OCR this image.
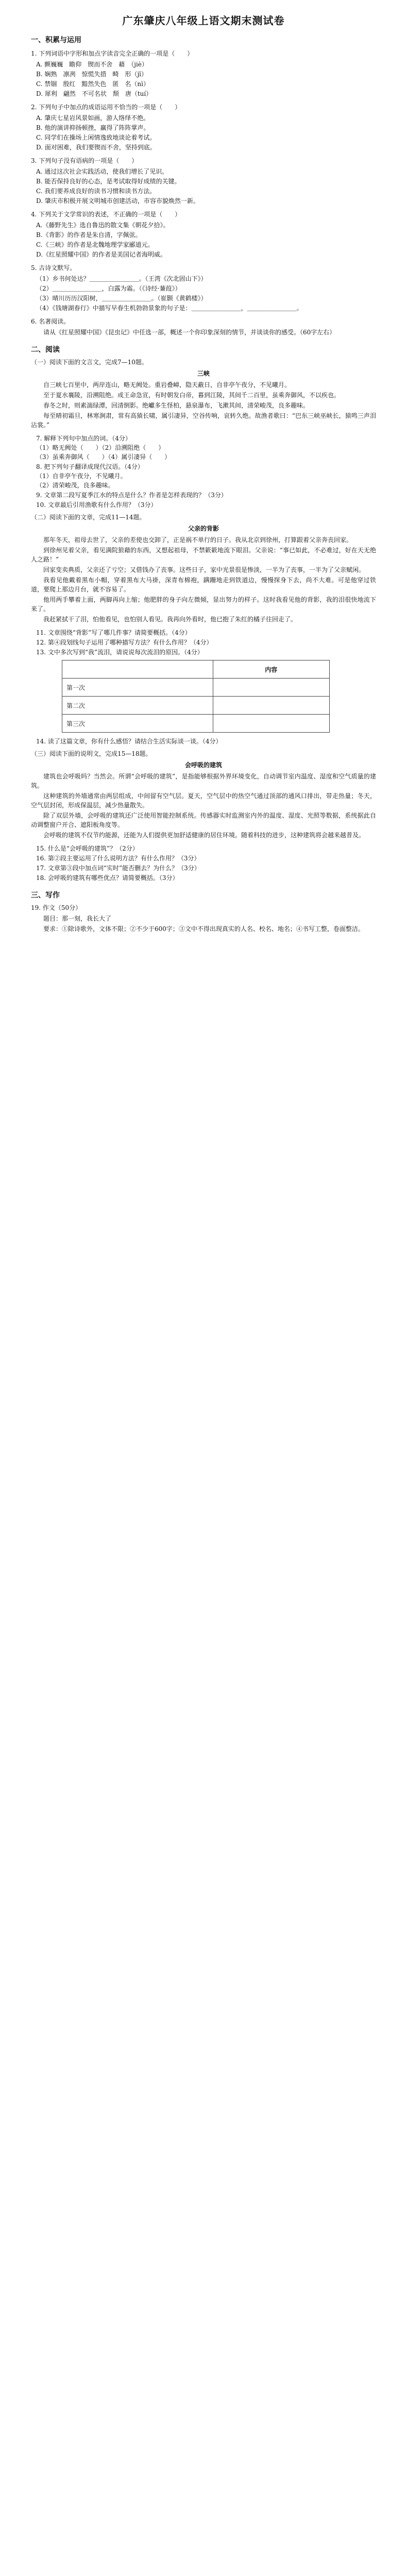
广东肇庆八年级上语文期末测试卷
一、积累与运用
1. 下列词语中字形和加点字读音完全正确的一项是（　　）
A. 颤巍巍　瞻仰　锲而不舍　藉　（jiè）
B. 娴熟　凛冽　惊慌失措　畸　形（jī）
C. 禁锢　殷红　黯然失色　匿　名（nì）
D. 犀利　翩然　不可名状　颓　唐（tuí）
2. 下列句子中加点的成语运用不恰当的一项是（　　）
A. 肇庆七星岩风景如画，游人络绎不绝。
B. 他的演讲抑扬顿挫，赢得了阵阵掌声。
C. 同学们在操场上闲情逸致地谈论着考试。
D. 面对困难，我们要锲而不舍，坚持到底。
3. 下列句子没有语病的一项是（　　）
A. 通过这次社会实践活动，使我们增长了见识。
B. 能否保持良好的心态，是考试取得好成绩的关键。
C. 我们要养成良好的读书习惯和读书方法。
D. 肇庆市积极开展文明城市创建活动，市容市貌焕然一新。
4. 下列关于文学常识的表述，不正确的一项是（　　）
A.《藤野先生》选自鲁迅的散文集《朝花夕拾》。
B.《背影》的作者是朱自清，字佩弦。
C.《三峡》的作者是北魏地理学家郦道元。
D.《红星照耀中国》的作者是美国记者海明威。
5. 古诗文默写。
（1）乡书何处达？＿＿＿＿＿＿＿＿。（王湾《次北固山下》）
（2）＿＿＿＿＿＿＿＿，白露为霜。（《诗经·蒹葭》）
（3）晴川历历汉阳树，＿＿＿＿＿＿＿＿。（崔颢《黄鹤楼》）
（4）《钱塘湖春行》中描写早春生机勃勃景象的句子是：＿＿＿＿＿＿＿＿，＿＿＿＿＿＿＿＿。
6. 名著阅读。
请从《红星照耀中国》《昆虫记》中任选一部，概述一个你印象深刻的情节，并谈谈你的感受。（60字左右）
二、阅读
（一）阅读下面的文言文，完成7—10题。
三峡
自三峡七百里中，两岸连山，略无阙处。重岩叠嶂，隐天蔽日，自非亭午夜分，不见曦月。
至于夏水襄陵，沿溯阻绝。或王命急宣，有时朝发白帝，暮到江陵，其间千二百里，虽乘奔御风，不以疾也。
春冬之时，则素湍绿潭，回清倒影。绝巘多生怪柏，悬泉瀑布，飞漱其间，清荣峻茂，良多趣味。
每至晴初霜旦，林寒涧肃，常有高猿长啸，属引凄异，空谷传响，哀转久绝。故渔者歌曰：“巴东三峡巫峡长，猿鸣三声泪沾裳。”
7. 解释下列句中加点的词。（4分）
（1）略无阙处（　　）（2）沿溯阻绝（　　）
（3）虽乘奔御风（　　）（4）属引凄异（　　）
8. 把下列句子翻译成现代汉语。（4分）
（1）自非亭午夜分，不见曦月。
（2）清荣峻茂，良多趣味。
9. 文章第二段写夏季江水的特点是什么？作者是怎样表现的？（3分）
10. 文章最后引用渔歌有什么作用？（3分）
（二）阅读下面的文章，完成11—14题。
父亲的背影
那年冬天，祖母去世了，父亲的差使也交卸了，正是祸不单行的日子。我从北京到徐州，打算跟着父亲奔丧回家。
到徐州见着父亲，看见满院狼藉的东西，又想起祖母，不禁簌簌地流下眼泪。父亲说：“事已如此，不必难过，好在天无绝人之路！”
回家变卖典质，父亲还了亏空；又借钱办了丧事。这些日子，家中光景很是惨淡，一半为了丧事，一半为了父亲赋闲。
我看见他戴着黑布小帽，穿着黑布大马褂，深青布棉袍，蹒跚地走到铁道边，慢慢探身下去，尚不大难。可是他穿过铁道，要爬上那边月台，就不容易了。
他用两手攀着上面，两脚再向上缩；他肥胖的身子向左微倾，显出努力的样子。这时我看见他的背影，我的泪很快地流下来了。
我赶紧拭干了泪，怕他看见，也怕别人看见。我再向外看时，他已抱了朱红的橘子往回走了。
11. 文章围绕“背影”写了哪几件事？请简要概括。（4分）
12. 第④段划线句子运用了哪种描写方法？有什么作用？（4分）
13. 文中多次写到“我”流泪，请说说每次流泪的原因。（4分）
	内容
第一次	
第二次	
第三次	
14. 读了这篇文章，你有什么感悟？请结合生活实际谈一谈。（4分）
（三）阅读下面的说明文，完成15—18题。
会呼吸的建筑
建筑也会呼吸吗？当然会。所谓“会呼吸的建筑”，是指能够根据外界环境变化，自动调节室内温度、湿度和空气质量的建筑。
这种建筑的外墙通常由两层组成，中间留有空气层。夏天，空气层中的热空气通过顶部的通风口排出，带走热量；冬天，空气层封闭，形成保温层，减少热量散失。
除了双层外墙，会呼吸的建筑还广泛使用智能控制系统。传感器实时监测室内外的温度、湿度、光照等数据，系统据此自动调整窗户开合、遮阳板角度等。
会呼吸的建筑不仅节约能源，还能为人们提供更加舒适健康的居住环境。随着科技的进步，这种建筑将会越来越普及。
15. 什么是“会呼吸的建筑”？（2分）
16. 第②段主要运用了什么说明方法？有什么作用？（3分）
17. 文章第③段中加点词“实时”能否删去？为什么？（3分）
18. 会呼吸的建筑有哪些优点？请简要概括。（3分）
三、写作
19. 作文（50分）
题目：那一刻，我长大了
要求：①除诗歌外，文体不限；②不少于600字；③文中不得出现真实的人名、校名、地名；④书写工整，卷面整洁。
